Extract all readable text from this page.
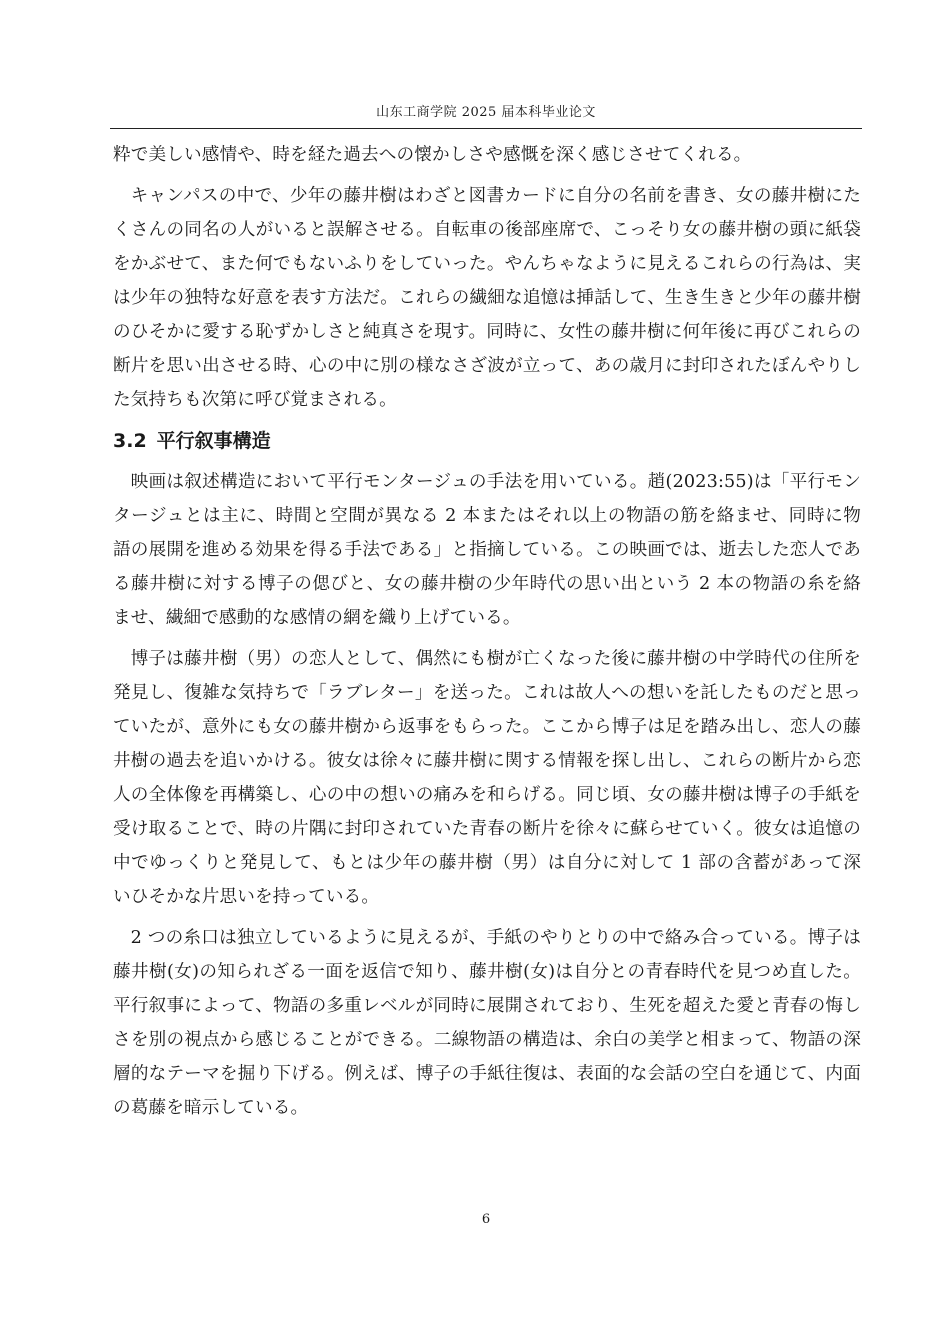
山东工商学院 2025 届本科毕业论文

粋で美しい感情や、時を経た過去への懐かしさや感慨を深く感じさせてくれる。

キャンパスの中で、少年の藤井樹はわざと図書カードに自分の名前を書き、女の藤井樹にたくさんの同名の人がいると誤解させる。自転車の後部座席で、こっそり女の藤井樹の頭に紙袋をかぶせて、また何でもないふりをしていった。やんちゃなように見えるこれらの行為は、実は少年の独特な好意を表す方法だ。これらの繊細な追憶は挿話して、生き生きと少年の藤井樹のひそかに愛する恥ずかしさと純真さを現す。同時に、女性の藤井樹に何年後に再びこれらの断片を思い出させる時、心の中に別の様なさざ波が立って、あの歳月に封印されたぼんやりした気持ちも次第に呼び覚まされる。

3.2 平行叙事構造

映画は叙述構造において平行モンタージュの手法を用いている。趙(2023:55)は「平行モンタージュとは主に、時間と空間が異なる 2 本またはそれ以上の物語の筋を絡ませ、同時に物語の展開を進める効果を得る手法である」と指摘している。この映画では、逝去した恋人である藤井樹に対する博子の偲びと、女の藤井樹の少年時代の思い出という 2 本の物語の糸を絡ませ、繊細で感動的な感情の網を織り上げている。

博子は藤井樹（男）の恋人として、偶然にも樹が亡くなった後に藤井樹の中学時代の住所を発見し、復雑な気持ちで「ラブレター」を送った。これは故人への想いを託したものだと思っていたが、意外にも女の藤井樹から返事をもらった。ここから博子は足を踏み出し、恋人の藤井樹の過去を追いかける。彼女は徐々に藤井樹に関する情報を探し出し、これらの断片から恋人の全体像を再構築し、心の中の想いの痛みを和らげる。同じ頃、女の藤井樹は博子の手紙を受け取ることで、時の片隅に封印されていた青春の断片を徐々に蘇らせていく。彼女は追憶の中でゆっくりと発見して、もとは少年の藤井樹（男）は自分に対して 1 部の含蓄があって深いひそかな片思いを持っている。

2 つの糸口は独立しているように見えるが、手紙のやりとりの中で絡み合っている。博子は藤井樹(女)の知られざる一面を返信で知り、藤井樹(女)は自分との青春時代を見つめ直した。平行叙事によって、物語の多重レベルが同時に展開されており、生死を超えた愛と青春の悔しさを別の視点から感じることができる。二線物語の構造は、余白の美学と相まって、物語の深層的なテーマを掘り下げる。例えば、博子の手紙往復は、表面的な会話の空白を通じて、内面の葛藤を暗示している。

6
